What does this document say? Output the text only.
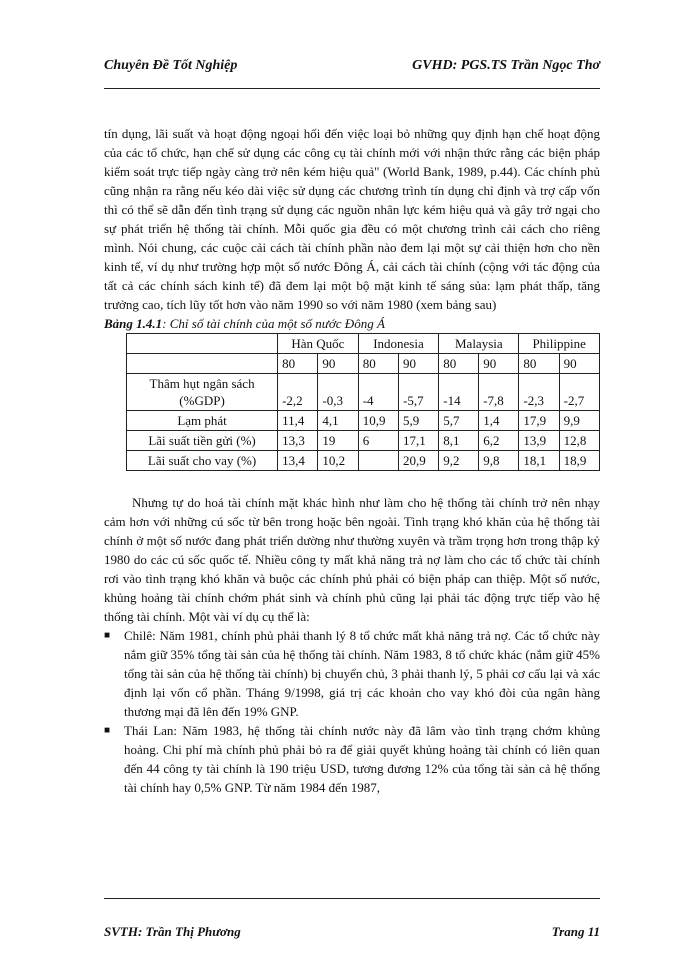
Chuyên Đề Tốt Nghiệp	GVHD: PGS.TS Trần Ngọc Thơ

tín dụng, lãi suất và hoạt động ngoại hối đến việc loại bỏ những quy định hạn chế hoạt động của các tổ chức, hạn chế sử dụng các công cụ tài chính mới với nhận thức rằng các biện pháp kiểm soát trực tiếp ngày càng trở nên kém hiệu quả" (World Bank, 1989, p.44). Các chính phủ cũng nhận ra rằng nếu kéo dài việc sử dụng các chương trình tín dụng chỉ định và trợ cấp vốn thì có thể sẽ dẫn đến tình trạng sử dụng các nguồn nhân lực kém hiệu quả và gây trở ngại cho sự phát triển hệ thống tài chính. Mỗi quốc gia đều có một chương trình cải cách cho riêng mình. Nói chung, các cuộc cải cách tài chính phần nào đem lại một sự cải thiện hơn cho nền kinh tế, ví dụ như trường hợp một số nước Đông Á, cải cách tài chính (cộng với tác động của tất cả các chính sách kinh tế) đã đem lại một bộ mặt kinh tế sáng sủa: lạm phát thấp, tăng trưởng cao, tích lũy tốt hơn vào năm 1990 so với năm 1980 (xem bảng sau)

Bảng 1.4.1: Chỉ số tài chính của một số nước Đông Á

	Hàn Quốc		Indonesia		Malaysia		Philippine	
	80	90	80	90	80	90	80	90
Thâm hụt ngân sách (%GDP)	-2,2	-0,3	-4	-5,7	-14	-7,8	-2,3	-2,7
Lạm phát	11,4	4,1	10,9	5,9	5,7	1,4	17,9	9,9
Lãi suất tiền gửi (%)	13,3	19	6	17,1	8,1	6,2	13,9	12,8
Lãi suất cho vay (%)	13,4	10,2		20,9	9,2	9,8	18,1	18,9

Nhưng tự do hoá tài chính mặt khác hình như làm cho hệ thống tài chính trở nên nhạy cảm hơn với những cú sốc từ bên trong hoặc bên ngoài. Tình trạng khó khăn của hệ thống tài chính ở một số nước đang phát triển dường như thường xuyên và trầm trọng hơn trong thập kỷ 1980 do các cú sốc quốc tế. Nhiều công ty mất khả năng trả nợ làm cho các tổ chức tài chính rơi vào tình trạng khó khăn và buộc các chính phủ phải có biện pháp can thiệp. Một số nước, khủng hoảng tài chính chớm phát sinh và chính phủ cũng lại phải tác động trực tiếp vào hệ thống tài chính. Một vài ví dụ cụ thể là:

■ Chilê: Năm 1981, chính phủ phải thanh lý 8 tổ chức mất khả năng trả nợ. Các tổ chức này nắm giữ 35% tổng tài sản của hệ thống tài chính. Năm 1983, 8 tổ chức khác (nắm giữ 45% tổng tài sản của hệ thống tài chính) bị chuyển chủ, 3 phải thanh lý, 5 phải cơ cấu lại và xác định lại vốn cổ phần. Tháng 9/1998, giá trị các khoản cho vay khó đòi của ngân hàng thương mại đã lên đến 19% GNP.
■ Thái Lan: Năm 1983, hệ thống tài chính nước này đã lâm vào tình trạng chớm khủng hoảng. Chi phí mà chính phủ phải bỏ ra để giải quyết khủng hoảng tài chính có liên quan đến 44 công ty tài chính là 190 triệu USD, tương đương 12% của tổng tài sản cả hệ thống tài chính hay 0,5% GNP. Từ năm 1984 đến 1987,
SVTH: Trần Thị Phương	Trang 11
